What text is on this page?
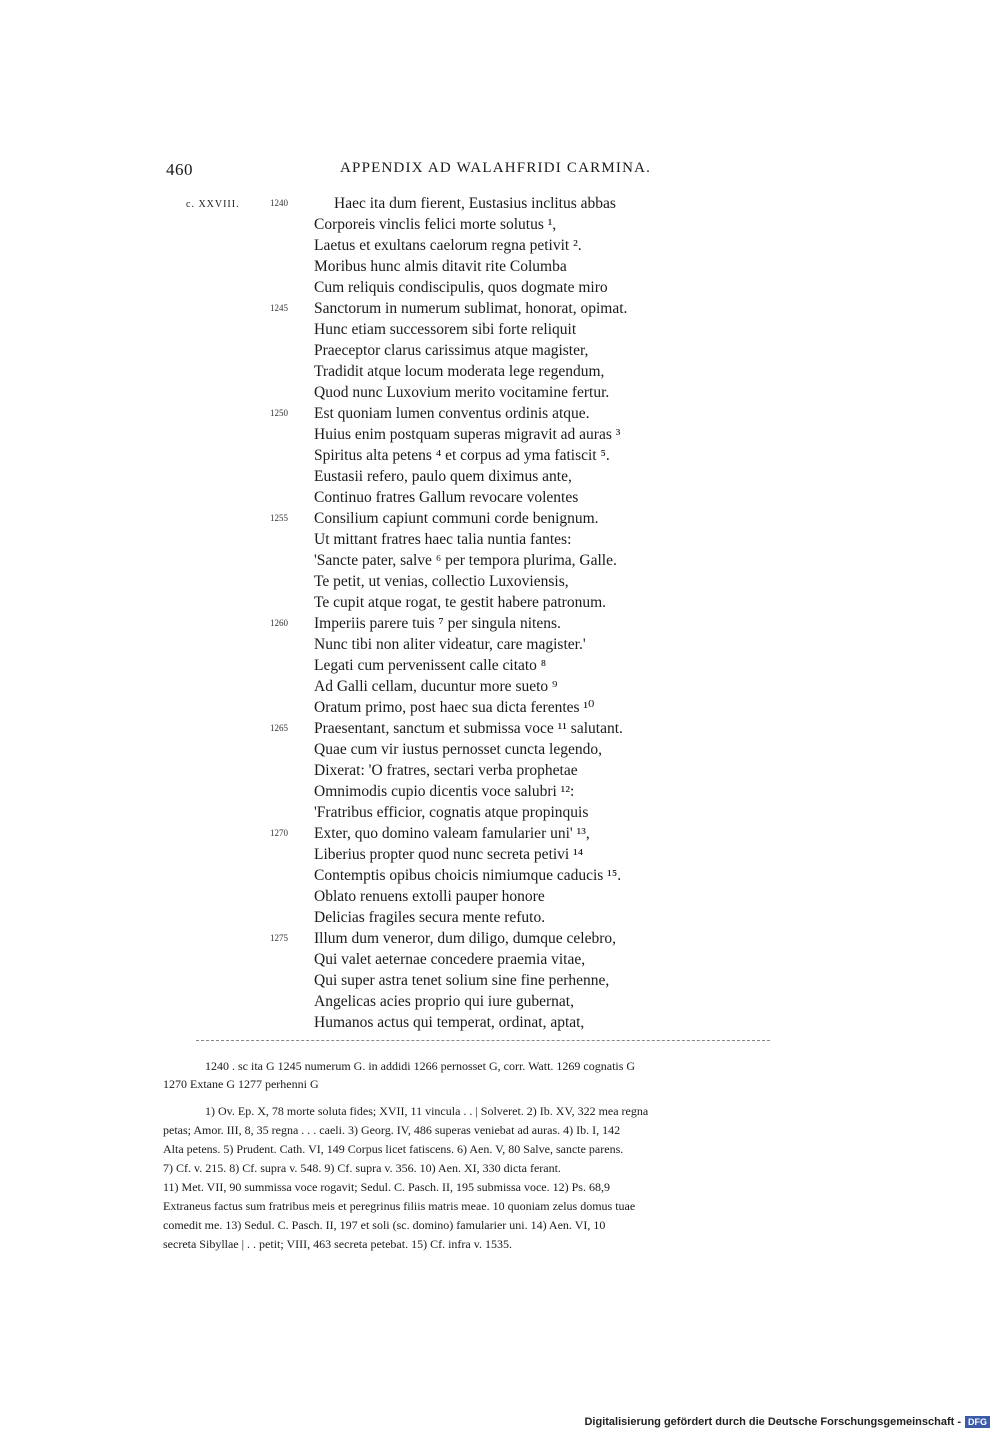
460	APPENDIX AD WALAHFRIDI CARMINA.
c. XXVIII.	1240	Haec ita dum fierent, Eustasius inclitus abbas
Corporeis vinclis felici morte solutus ¹,
Laetus et exultans caelorum regna petivit ².
Moribus hunc almis ditavit rite Columba
Cum reliquis condiscipulis, quos dogmate miro
1245 Sanctorum in numerum sublimat, honorat, opimat.
Hunc etiam successorem sibi forte reliquit
Praeceptor clarus carissimus atque magister,
Tradidit atque locum moderata lege regendum,
Quod nunc Luxovium merito vocitamine fertur.
1250 Est quoniam lumen conventus ordinis atque.
Huius enim postquam superas migravit ad auras ³
Spiritus alta petens ⁴ et corpus ad yma fatiscit ⁵.
Eustasii refero, paulo quem diximus ante,
Continuo fratres Gallum revocare volentes
1255 Consilium capiunt communi corde benignum.
Ut mittant fratres haec talia nuntia fantes:
'Sancte pater, salve ⁶ per tempora plurima, Galle.
Te petit, ut venias, collectio Luxoviensis,
Te cupit atque rogat, te gestit habere patronum.
1260 Imperiis parere tuis ⁷ per singula nitens.
Nunc tibi non aliter videatur, care magister.'
Legati cum pervenissent calle citato ⁸
Ad Galli cellam, ducuntur more sueto ⁹
Oratum primo, post haec sua dicta ferentes ¹⁰
1265 Praesentant, sanctum et submissa voce ¹¹ salutant.
Quae cum vir iustus pernosset cuncta legendo,
Dixerat: 'O fratres, sectari verba prophetae
Omnimodis cupio dicentis voce salubri ¹²:
'Fratribus efficior, cognatis atque propinquis
1270 Exter, quo domino valeam famularier uni' ¹³,
Liberius propter quod nunc secreta petivi ¹⁴
Contemptis opibus choicis nimiumque caducis ¹⁵.
Oblato renuens extolli pauper honore
Delicias fragiles secura mente refuto.
1275 Illum dum veneror, dum diligo, dumque celebro,
Qui valet aeternae concedere praemia vitae,
Qui super astra tenet solium sine fine perhenne,
Angelicas acies proprio qui iure gubernat,
Humanos actus qui temperat, ordinat, aptat,
1240 . sc ita G 1245 numerum G. in addidi 1266 pernosset G, corr. Watt. 1269 cognatis G
1270 Extane G 1277 perhenni G
1) Ov. Ep. X, 78 morte soluta fides; XVII, 11 vincula . . | Solveret. 2) Ib. XV, 322 mea regna
petas; Amor. III, 8, 35 regna . . . caeli. 3) Georg. IV, 486 superas veniebat ad auras. 4) Ib. I, 142
Alta petens. 5) Prudent. Cath. VI, 149 Corpus licet fatiscens. 6) Aen. V, 80 Salve, sancte parens.
7) Cf. v. 215. 8) Cf. supra v. 548. 9) Cf. supra v. 356. 10) Aen. XI, 330 dicta ferant.
11) Met. VII, 90 summissa voce rogavit; Sedul. C. Pasch. II, 195 submissa voce. 12) Ps. 68,9
Extraneus factus sum fratribus meis et peregrinus filiis matris meae. 10 quoniam zelus domus tuae
comedit me. 13) Sedul. C. Pasch. II, 197 et soli (sc. domino) famularier uni. 14) Aen. VI, 10
secreta Sibyllae | . . petit; VIII, 463 secreta petebat. 15) Cf. infra v. 1535.
Digitalisierung gefördert durch die Deutsche Forschungsgemeinschaft - DFG
